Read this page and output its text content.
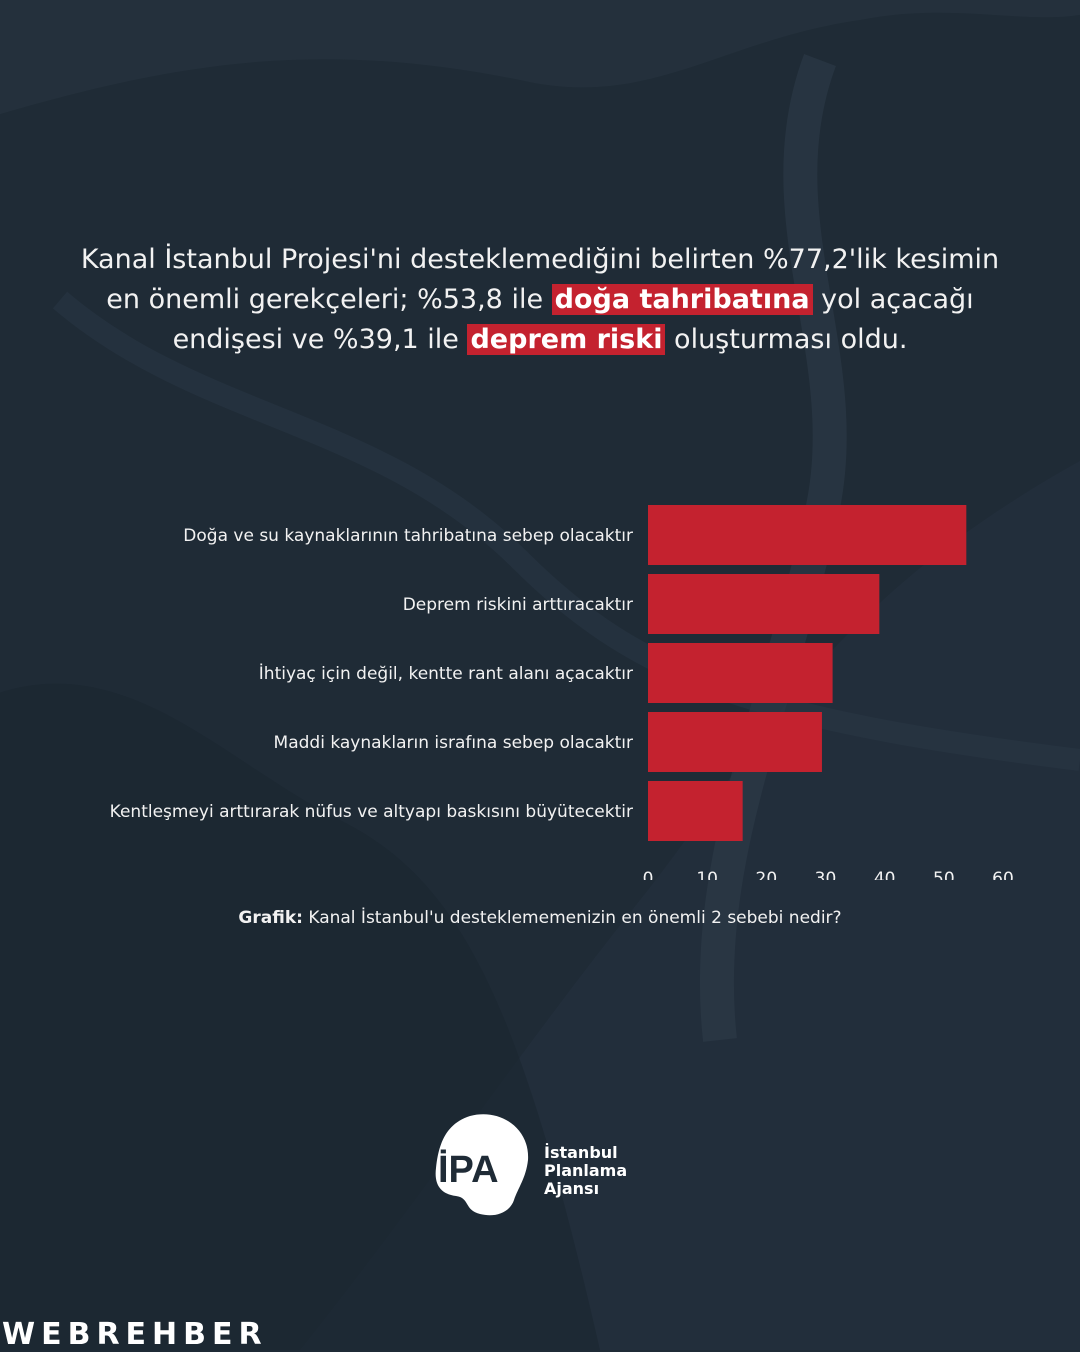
Kanal İstanbul Projesi'ni desteklemediğini belirten %77,2'lik kesimin en önemli gerekçeleri; %53,8 ile doğa tahribatına yol açacağı endişesi ve %39,1 ile deprem riski oluşturması oldu.
Doğa ve su kaynaklarının tahribatına sebep olacaktır
Deprem riskini arttıracaktır
İhtiyaç için değil, kentte rant alanı açacaktır
Maddi kaynakların israfına sebep olacaktır
Kentleşmeyi arttırarak nüfus ve altyapı baskısını büyütecektir
0	10 20 30 40 50 60
Grafik: Kanal İstanbul'u desteklememenizin en önemli 2 sebebi nedir?
İPA	İstanbul
Planlama
Ajansı
WEBREHBER
